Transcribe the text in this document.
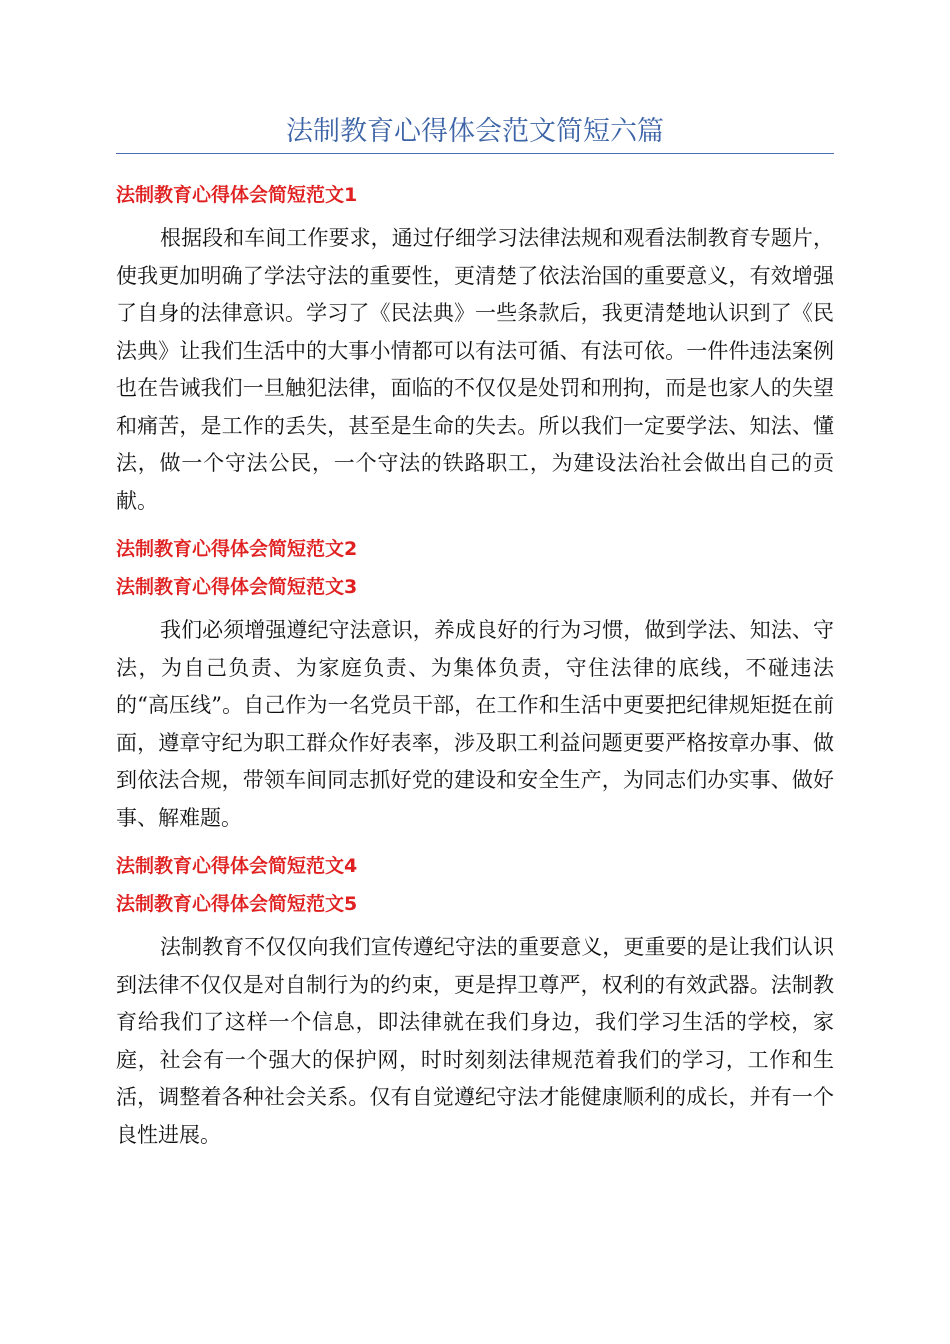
法制教育心得体会范文简短六篇
法制教育心得体会简短范文1

根据段和车间工作要求，通过仔细学习法律法规和观看法制教育专题片，使我更加明确了学法守法的重要性，更清楚了依法治国的重要意义，有效增强了自身的法律意识。学习了《民法典》一些条款后，我更清楚地认识到了《民法典》让我们生活中的大事小情都可以有法可循、有法可依。一件件违法案例也在告诫我们一旦触犯法律，面临的不仅仅是处罚和刑拘，而是也家人的失望和痛苦，是工作的丢失，甚至是生命的失去。所以我们一定要学法、知法、懂法，做一个守法公民，一个守法的铁路职工，为建设法治社会做出自己的贡献。

法制教育心得体会简短范文2
法制教育心得体会简短范文3

我们必须增强遵纪守法意识，养成良好的行为习惯，做到学法、知法、守法，为自己负责、为家庭负责、为集体负责，守住法律的底线，不碰违法的“高压线”。自己作为一名党员干部，在工作和生活中更要把纪律规矩挺在前面，遵章守纪为职工群众作好表率，涉及职工利益问题更要严格按章办事、做到依法合规，带领车间同志抓好党的建设和安全生产，为同志们办实事、做好事、解难题。

法制教育心得体会简短范文4
法制教育心得体会简短范文5

法制教育不仅仅向我们宣传遵纪守法的重要意义，更重要的是让我们认识到法律不仅仅是对自制行为的约束，更是捍卫尊严，权利的有效武器。法制教育给我们了这样一个信息，即法律就在我们身边，我们学习生活的学校，家庭，社会有一个强大的保护网，时时刻刻法律规范着我们的学习，工作和生活，调整着各种社会关系。仅有自觉遵纪守法才能健康顺利的成长，并有一个良性进展。
